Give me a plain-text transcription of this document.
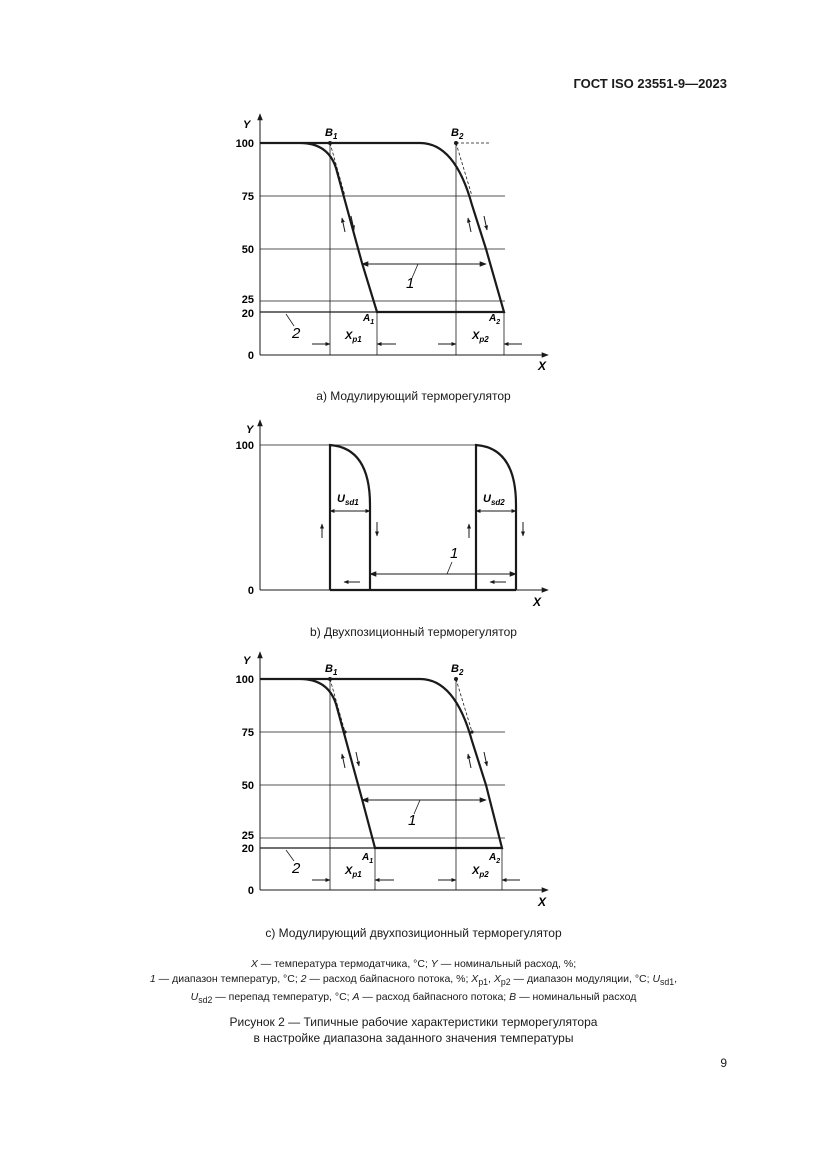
ГОСТ ISO 23551-9—2023
Y
X
100
75
50
25
20
0
$B_1$	$B_2$
$A_1$	$A_2$
1
2	$X_{p1}$	$X_{p2}$
Y
X
100
0
$U_{sd1}$	$U_{sd2}$
1
Y
X
100
75
50
25
20
0
$B_1$	$B_2$
$A_1$	$A_2$
1
2	$X_{p1}$	$X_{p2}$
a) Модулирующий терморегулятор
b) Двухпозиционный терморегулятор
c) Модулирующий двухпозиционный терморегулятор
X — температура термодатчика, °C; Y — номинальный расход, %;
1 — диапазон температур, °C; 2 — расход байпасного потока, %; $X_{p1}$, $X_{p2}$ — диапазон модуляции, °C; $U_{sd1}$,
$U_{sd2}$ — перепад температур, °C; A — расход байпасного потока; B — номинальный расход
Рисунок 2 — Типичные рабочие характеристики терморегулятора
в настройке диапазона заданного значения температуры
9
